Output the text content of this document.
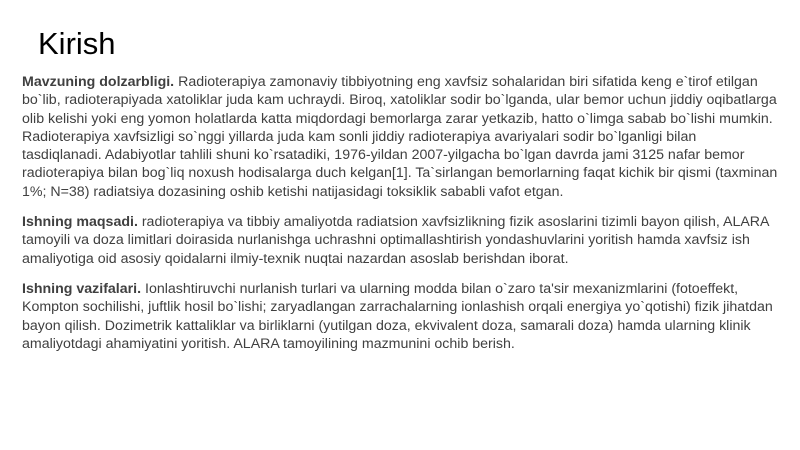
Kirish

Mavzuning dolzarbligi. Radioterapiya zamonaviy tibbiyotning eng xavfsiz sohalaridan biri sifatida keng e`tirof etilgan bo`lib, radioterapiyada xatoliklar juda kam uchraydi. Biroq, xatoliklar sodir bo`lganda, ular bemor uchun jiddiy oqibatlarga olib kelishi yoki eng yomon holatlarda katta miqdordagi bemorlarga zarar yetkazib, hatto o`limga sabab bo`lishi mumkin. Radioterapiya xavfsizligi so`nggi yillarda juda kam sonli jiddiy radioterapiya avariyalari sodir bo`lganligi bilan tasdiqlanadi. Adabiyotlar tahlili shuni ko`rsatadiki, 1976-yildan 2007-yilgacha bo`lgan davrda jami 3125 nafar bemor radioterapiya bilan bog`liq noxush hodisalarga duch kelgan[1]. Ta`sirlangan bemorlarning faqat kichik bir qismi (taxminan 1%; N=38) radiatsiya dozasining oshib ketishi natijasidagi toksiklik sababli vafot etgan.

Ishning maqsadi. radioterapiya va tibbiy amaliyotda radiatsion xavfsizlikning fizik asoslarini tizimli bayon qilish, ALARA tamoyili va doza limitlari doirasida nurlanishga uchrashni optimallashtirish yondashuvlarini yoritish hamda xavfsiz ish amaliyotiga oid asosiy qoidalarni ilmiy-texnik nuqtai nazardan asoslab berishdan iborat.

Ishning vazifalari. Ionlashtiruvchi nurlanish turlari va ularning modda bilan o`zaro ta'sir mexanizmlarini (fotoeffekt, Kompton sochilishi, juftlik hosil bo`lishi; zaryadlangan zarrachalarning ionlashish orqali energiya yo`qotishi) fizik jihatdan bayon qilish. Dozimetrik kattaliklar va birliklarni (yutilgan doza, ekvivalent doza, samarali doza) hamda ularning klinik amaliyotdagi ahamiyatini yoritish. ALARA tamoyilining mazmunini ochib berish.
